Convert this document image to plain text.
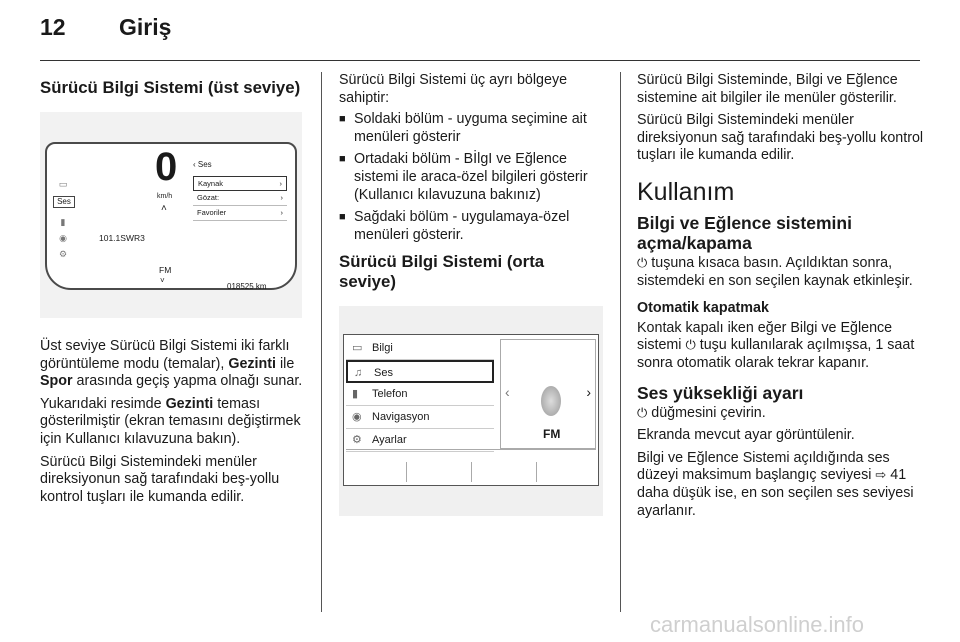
12 Giriş
Sürücü Bilgi Sistemi (üst seviye)
▭
Ses
▮
◉
⚙
0
km/h
˄
101.1SWR3
FM
˅
018525 km
‹ Ses
Kaynak	›
Gözat:	›
Favoriler	›

Üst seviye Sürücü Bilgi Sistemi iki farklı görüntüleme modu (temalar), Gezinti ile Spor arasında geçiş yapma olnağı sunar.

Yukarıdaki resimde Gezinti teması gösterilmiştir (ekran temasını değiştirmek için Kullanıcı kılavuzuna bakın).

Sürücü Bilgi Sistemindeki menüler direksiyonun sağ tarafındaki beş-yollu kontrol tuşları ile kumanda edilir.

Sürücü Bilgi Sistemi üç ayrı bölgeye sahiptir:

■ Soldaki bölüm - uyguma seçimine ait menüleri gösterir
■ Ortadaki bölüm - BİlgI ve Eğlence sistemi ile araca-özel bilgileri gösterir (Kullanıcı kılavuzuna bakınız)
■ Sağdaki bölüm - uygulamaya-özel menüleri gösterir.
Sürücü Bilgi Sistemi (orta seviye)
▭ Bilgi
♫ Ses
▮ Telefon
◉ Navigasyon
⚙ Ayarlar
‹	›
FM

Sürücü Bilgi Sisteminde, Bilgi ve Eğlence sistemine ait bilgiler ile menüler gösterilir.

Sürücü Bilgi Sistemindeki menüler direksiyonun sağ tarafındaki beş-yollu kontrol tuşları ile kumanda edilir.

Kullanım
Bilgi ve Eğlence sistemini açma/kapama

⏻ tuşuna kısaca basın. Açıldıktan sonra, sistemdeki en son seçilen kaynak etkinleşir.

Otomatik kapatmak

Kontak kapalı iken eğer Bilgi ve Eğlence sistemi ⏻ tuşu kullanılarak açılmışsa, 1 saat sonra otomatik olarak tekrar kapanır.

Ses yüksekliği ayarı

⏻ düğmesini çevirin.

Ekranda mevcut ayar görüntülenir.

Bilgi ve Eğlence Sistemi açıldığında ses düzeyi maksimum başlangıç seviyesi ⇨ 41 daha düşük ise, en son seçilen ses seviyesi ayarlanır.

carmanualsonline.info
